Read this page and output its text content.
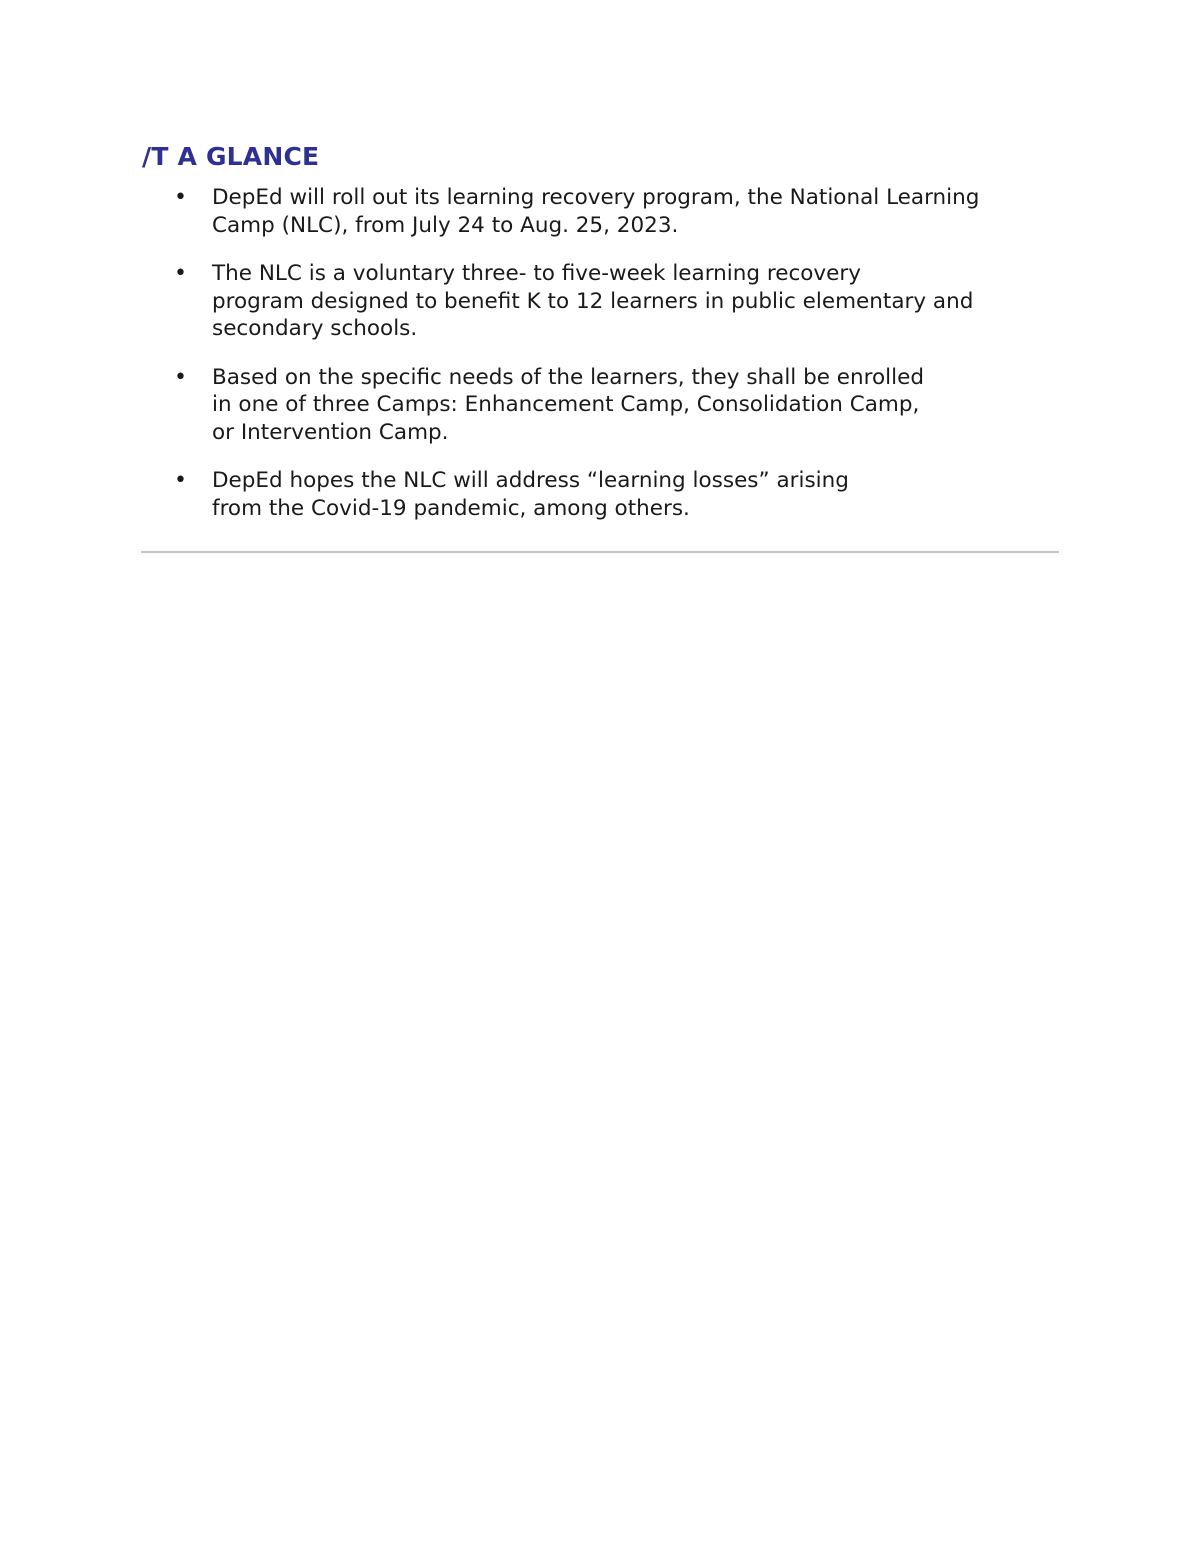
/T A GLANCE
• DepEd will roll out its learning recovery program, the National Learning
Camp (NLC), from July 24 to Aug. 25, 2023.
• The NLC is a voluntary three- to five-week learning recovery
program designed to benefit K to 12 learners in public elementary and
secondary schools.
• Based on the specific needs of the learners, they shall be enrolled
in one of three Camps: Enhancement Camp, Consolidation Camp,
or Intervention Camp.
• DepEd hopes the NLC will address “learning losses” arising
from the Covid-19 pandemic, among others.
